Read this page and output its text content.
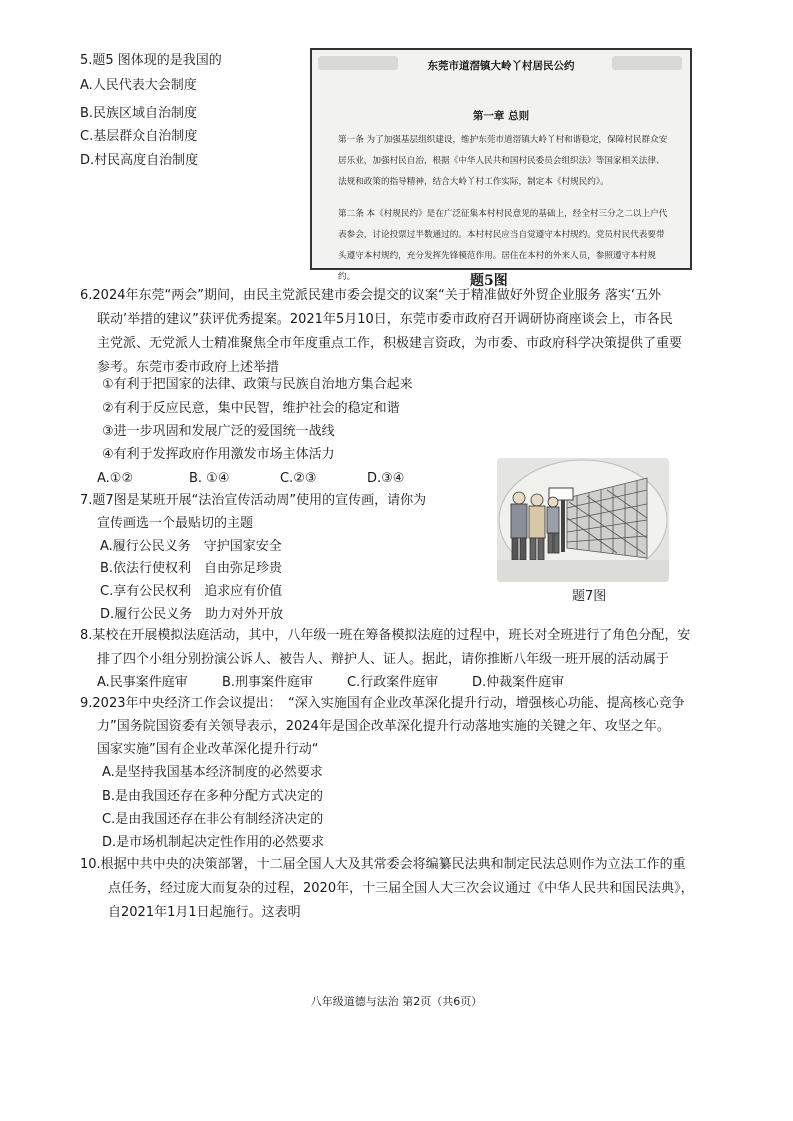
5.题5 图体现的是我国的
A.人民代表大会制度
B.民族区域自治制度
C.基层群众自治制度
D.村民高度自治制度
东莞市道滘镇大岭丫村居民公约
第一章 总则
第一条 为了加强基层组织建设，维护东莞市道滘镇大岭丫村和谐稳定，保障村民群众安居乐业，加强村民自治，根据《中华人民共和国村民委员会组织法》等国家相关法律、法规和政策的指导精神，结合大岭丫村工作实际，制定本《村规民约》。
第二条 本《村规民约》是在广泛征集本村村民意见的基础上，经全村三分之二以上户代表参会，讨论投票过半数通过的。本村村民应当自觉遵守本村规约。党员村民代表要带头遵守本村规约，充分发挥先锋模范作用。居住在本村的外来人员，参照遵守本村规约。	题5图
6.2024年东莞“两会”期间，由民主党派民建市委会提交的议案“关于精准做好外贸企业服务 落实‘五外
联动’举措的建议”获评优秀提案。2021年5月10日，东莞市委市政府召开调研协商座谈会上，市各民
主党派、无党派人士精准聚焦全市年度重点工作，积极建言资政，为市委、市政府科学决策提供了重要
参考。东莞市委市政府上述举措
①有利于把国家的法律、政策与民族自治地方集合起来
②有利于反应民意，集中民智，维护社会的稳定和谐
③进一步巩固和发展广泛的爱国统一战线
④有利于发挥政府作用激发市场主体活力
A.①②	B. ①④	C.②③	D.③④
7.题7图是某班开展“法治宣传活动周”使用的宣传画，请你为
宣传画选一个最贴切的主题
A.履行公民义务　守护国家安全
B.依法行使权利　自由弥足珍贵
C.享有公民权利　追求应有价值
D.履行公民义务　助力对外开放
题7图
8.某校在开展模拟法庭活动，其中，八年级一班在筹备模拟法庭的过程中，班长对全班进行了角色分配，安
排了四个小组分别扮演公诉人、被告人、辩护人、证人。据此，请你推断八年级一班开展的活动属于
A.民事案件庭审	B.刑事案件庭审	C.行政案件庭审	D.仲裁案件庭审
9.2023年中央经济工作会议提出：　“深入实施国有企业改革深化提升行动，增强核心功能、提高核心竞争
力”国务院国资委有关领导表示，2024年是国企改革深化提升行动落地实施的关键之年、攻坚之年。
国家实施”国有企业改革深化提升行动“
A.是坚持我国基本经济制度的必然要求
B.是由我国还存在多种分配方式决定的
C.是由我国还存在非公有制经济决定的
D.是市场机制起决定性作用的必然要求
10.根据中共中央的决策部署，十二届全国人大及其常委会将编纂民法典和制定民法总则作为立法工作的重
点任务，经过庞大而复杂的过程，2020年，十三届全国人大三次会议通过《中华人民共和国民法典》，
自2021年1月1日起施行。这表明
八年级道德与法治 第2页（共6页）
